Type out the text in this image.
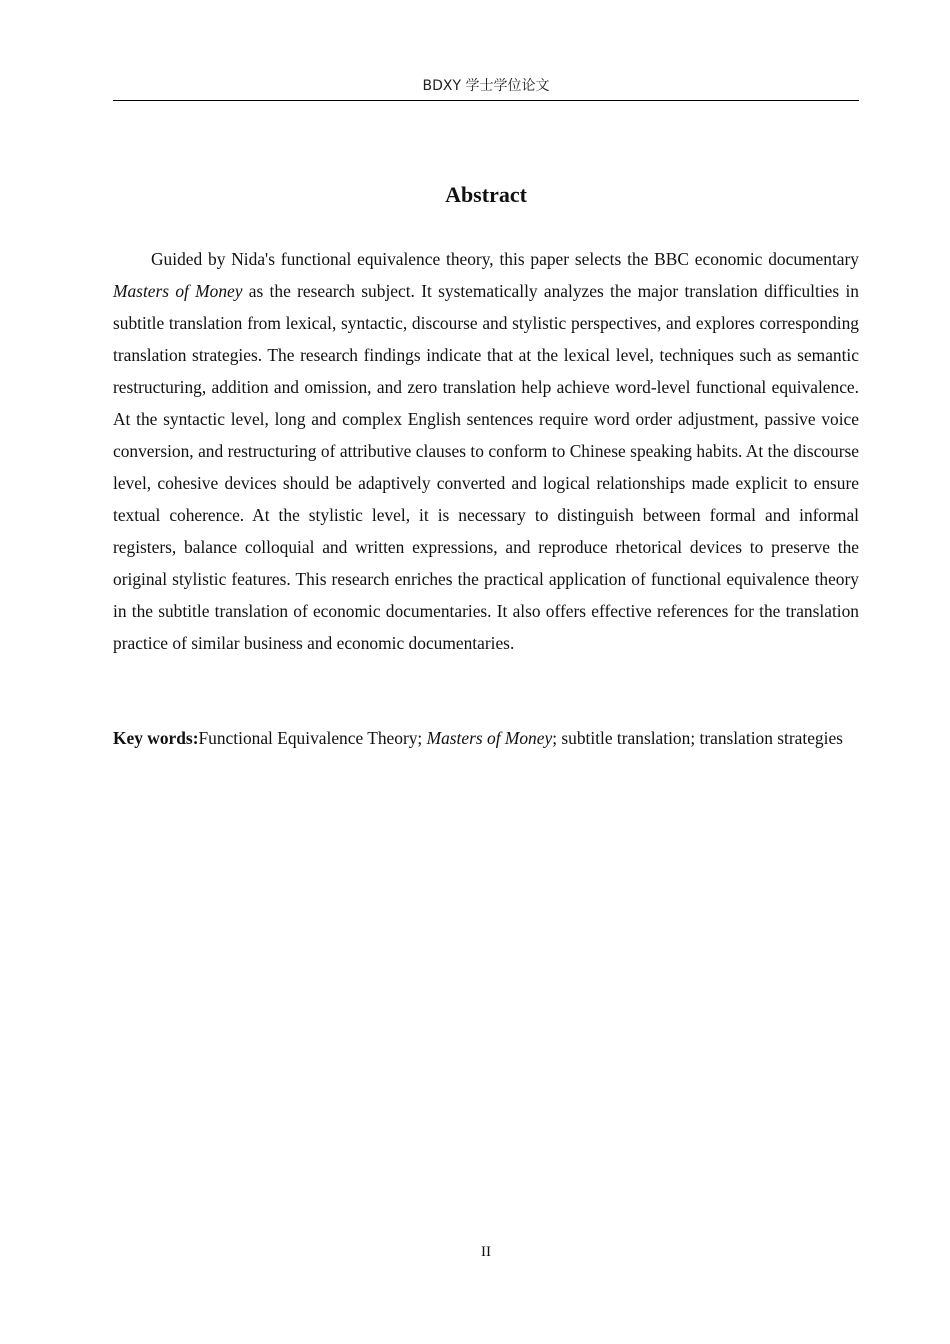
BDXY 学士学位论文
Abstract

Guided by Nida's functional equivalence theory, this paper selects the BBC economic documentary Masters of Money as the research subject. It systematically analyzes the major translation difficulties in subtitle translation from lexical, syntactic, discourse and stylistic perspectives, and explores corresponding translation strategies. The research findings indicate that at the lexical level, techniques such as semantic restructuring, addition and omission, and zero translation help achieve word-level functional equivalence. At the syntactic level, long and complex English sentences require word order adjustment, passive voice conversion, and restructuring of attributive clauses to conform to Chinese speaking habits. At the discourse level, cohesive devices should be adaptively converted and logical relationships made explicit to ensure textual coherence. At the stylistic level, it is necessary to distinguish between formal and informal registers, balance colloquial and written expressions, and reproduce rhetorical devices to preserve the original stylistic features. This research enriches the practical application of functional equivalence theory in the subtitle translation of economic documentaries. It also offers effective references for the translation practice of similar business and economic documentaries.

Key words:Functional Equivalence Theory; Masters of Money; subtitle translation; translation strategies

II
